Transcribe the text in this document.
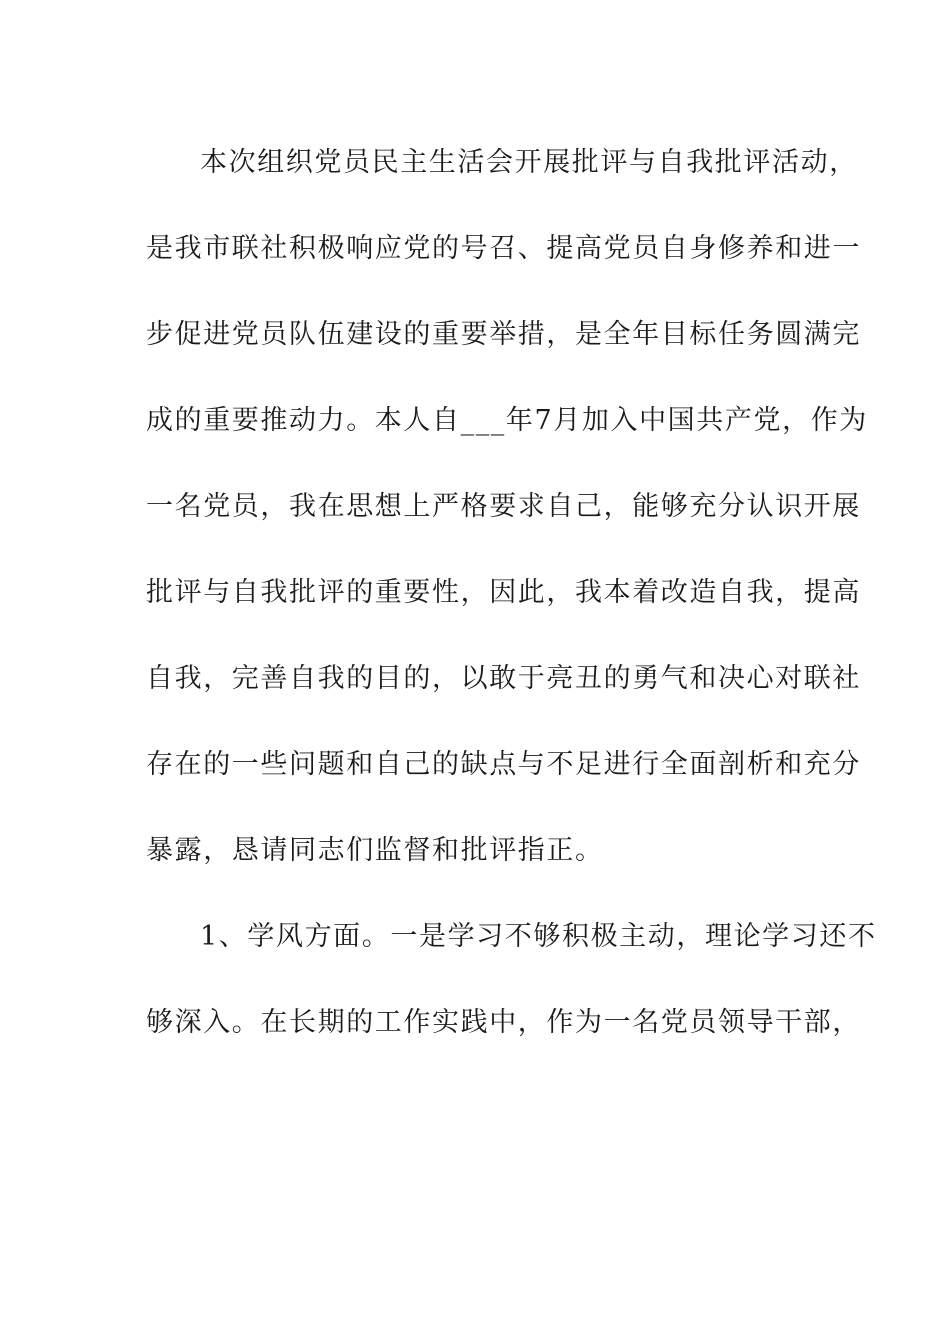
本次组织党员民主生活会开展批评与自我批评活动，
是我市联社积极响应党的号召、提高党员自身修养和进一
步促进党员队伍建设的重要举措，是全年目标任务圆满完
成的重要推动力。本人自___年7月加入中国共产党，作为
一名党员，我在思想上严格要求自己，能够充分认识开展
批评与自我批评的重要性，因此，我本着改造自我，提高
自我，完善自我的目的，以敢于亮丑的勇气和决心对联社
存在的一些问题和自己的缺点与不足进行全面剖析和充分
暴露，恳请同志们监督和批评指正。
1、学风方面。一是学习不够积极主动，理论学习还不
够深入。在长期的工作实践中，作为一名党员领导干部，
